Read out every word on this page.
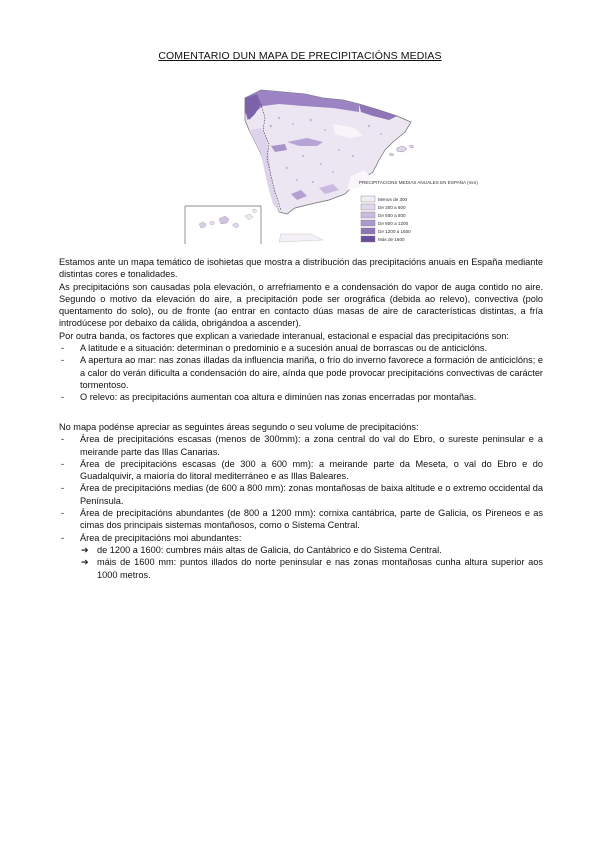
COMENTARIO DUN MAPA DE PRECIPITACIÓNS MEDIAS
PRECIPITACIONS MEDIAS ANUALES EN ESPAÑA (mm)
Menos de 300
De 300 a 600
De 600 a 800
De 800 a 1200
De 1200 a 1600
Más de 1600

Estamos ante un mapa temático de isohietas que mostra a distribución das precipitacións anuais en España mediante distintas cores e tonalidades.

As precipitacións son causadas pola elevación, o arrefriamento e a condensación do vapor de auga contido no aire. Segundo o motivo da elevación do aire, a precipitación pode ser orográfica (debida ao relevo), convectiva (polo quentamento do solo), ou de fronte (ao entrar en contacto dúas masas de aire de características distintas, a fría introdúcese por debaixo da cálida, obrigándoa a ascender).

Por outra banda, os factores que explican a variedade interanual, estacional e espacial das precipitacións son:

- A latitude e a situación: determinan o predominio e a sucesión anual de borrascas ou de anticiclóns.
- A apertura ao mar: nas zonas illadas da influencia mariña, o frío do inverno favorece a formación de anticiclóns; e a calor do verán dificulta a condensación do aire, aínda que pode provocar precipitacións convectivas de carácter tormentoso.
- O relevo: as precipitacións aumentan coa altura e diminúen nas zonas encerradas por montañas.

No mapa podénse apreciar as seguintes áreas segundo o seu volume de precipitacións:

- Área de precipitacións escasas (menos de 300mm): a zona central do val do Ebro, o sureste peninsular e a meirande parte das Illas Canarias.
- Área de precipitacións escasas (de 300 a 600 mm): a meirande parte da Meseta, o val do Ebro e do Guadalquivir, a maioría do litoral mediterráneo e as Illas Baleares.
- Área de precipitacións medias (de 600 a 800 mm): zonas montañosas de baixa altitude e o extremo occidental da Península.
- Área de precipitacións abundantes (de 800 a 1200 mm): cornixa cantábrica, parte de Galicia, os Pireneos e as cimas dos principais sistemas montañosos, como o Sistema Central.
- Área de precipitacións moi abundantes:
➔ de 1200 a 1600: cumbres máis altas de Galicia, do Cantábrico e do Sistema Central.
➔ máis de 1600 mm: puntos illados do norte peninsular e nas zonas montañosas cunha altura superior aos 1000 metros.
